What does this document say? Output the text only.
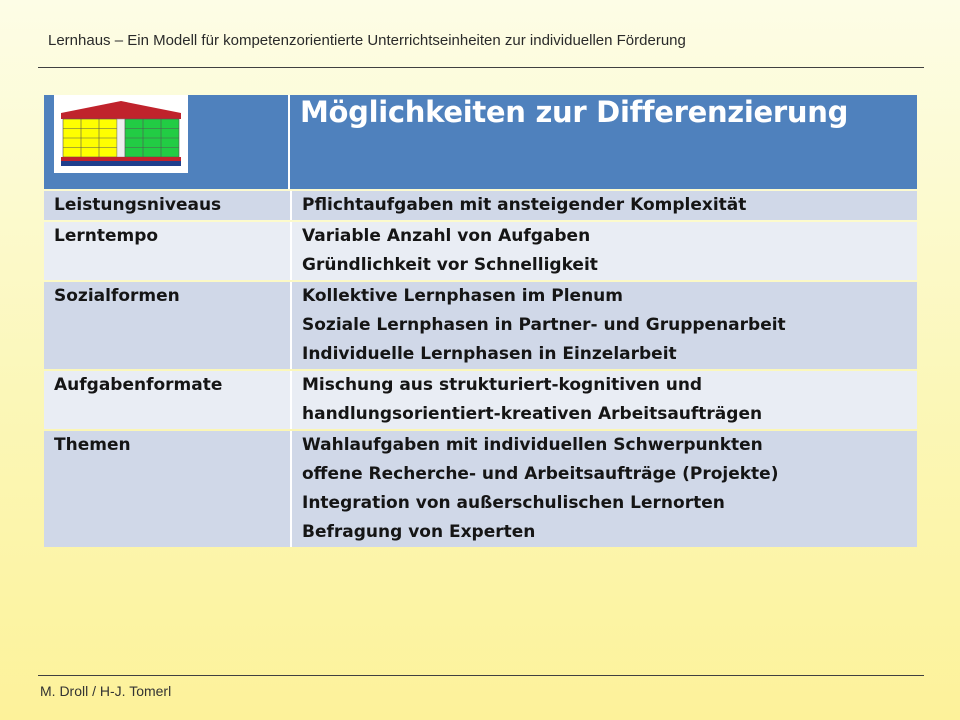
Lernhaus – Ein Modell für kompetenzorientierte Unterrichtseinheiten zur individuellen Förderung
	Möglichkeiten zur Differenzierung
Leistungsniveaus	Pflichtaufgaben mit ansteigender Komplexität

Lerntempo	Variable Anzahl von Aufgaben
Gründlichkeit vor Schnelligkeit

Sozialformen	Kollektive Lernphasen im Plenum
Soziale Lernphasen in Partner- und Gruppenarbeit
Individuelle Lernphasen in Einzelarbeit

Aufgabenformate	Mischung aus strukturiert-kognitiven und
handlungsorientiert-kreativen Arbeitsaufträgen

Themen	Wahlaufgaben mit individuellen Schwerpunkten
offene Recherche- und Arbeitsaufträge (Projekte)
Integration von außerschulischen Lernorten
Befragung von Experten
M. Droll / H-J. Tomerl
